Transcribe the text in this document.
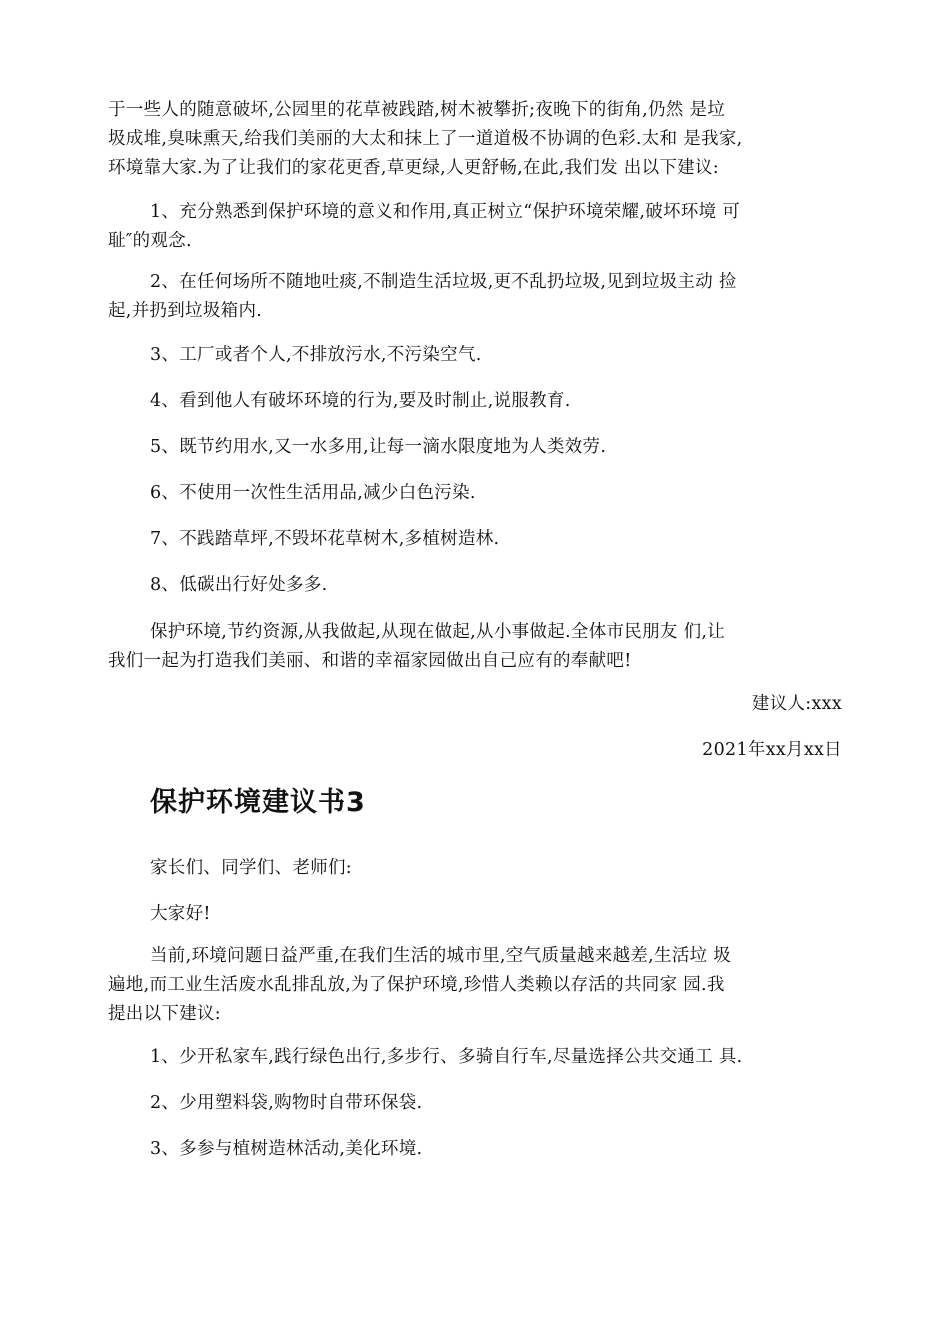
于一些人的随意破坏,公园里的花草被践踏,树木被攀折;夜晚下的街角,仍然 是垃
圾成堆,臭味熏天,给我们美丽的大太和抹上了一道道极不协调的色彩.太和 是我家,
环境靠大家.为了让我们的家花更香,草更绿,人更舒畅,在此,我们发 出以下建议:

1、充分熟悉到保护环境的意义和作用,真正树立“保护环境荣耀,破坏环境 可
耻″的观念.

2、在任何场所不随地吐痰,不制造生活垃圾,更不乱扔垃圾,见到垃圾主动 捡
起,并扔到垃圾箱内.

3、工厂或者个人,不排放污水,不污染空气.

4、看到他人有破坏环境的行为,要及时制止,说服教育.

5、既节约用水,又一水多用,让每一滴水限度地为人类效劳.

6、不使用一次性生活用品,减少白色污染.

7、不践踏草坪,不毁坏花草树木,多植树造林.

8、低碳出行好处多多.

保护环境,节约资源,从我做起,从现在做起,从小事做起.全体市民朋友 们,让
我们一起为打造我们美丽、和谐的幸福家园做出自己应有的奉献吧!

建议人:xxx
2021年xx月xx日
保护环境建议书3

家长们、同学们、老师们:

大家好!

当前,环境问题日益严重,在我们生活的城市里,空气质量越来越差,生活垃 圾
遍地,而工业生活废水乱排乱放,为了保护环境,珍惜人类赖以存活的共同家 园.我
提出以下建议:

1、少开私家车,践行绿色出行,多步行、多骑自行车,尽量选择公共交通工 具.

2、少用塑料袋,购物时自带环保袋.

3、多参与植树造林活动,美化环境.
